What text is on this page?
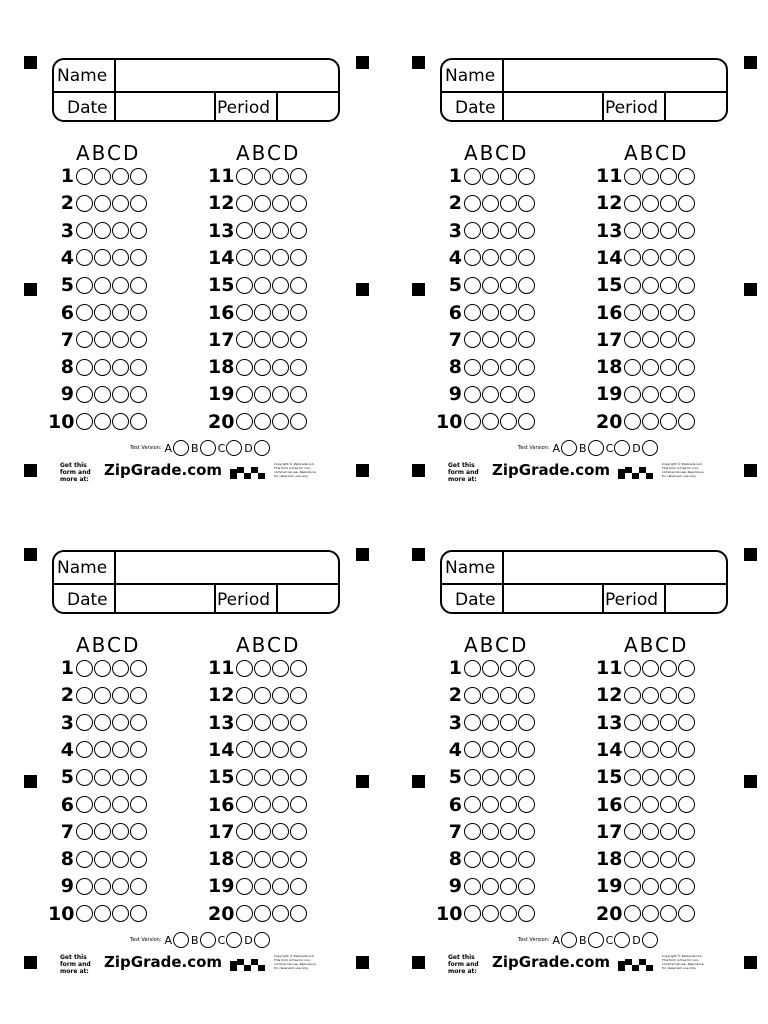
Name
Date	Period
ABCD	ABCD
1
2
3
4
5
6
7
8
9
10
11
12
13
14
15
16
17
18
19
20
Test Version: A B C D
Get this form and more at:
ZipGrade.com	Copyright © ZipGrade LLC. This form is free for non-commercial use. Reproduce for classroom use only.
Name
Date	Period
ABCD	ABCD
1
2
3
4
5
6
7
8
9
10
11
12
13
14
15
16
17
18
19
20
Test Version: A B C D
Get this form and more at:
ZipGrade.com	Copyright © ZipGrade LLC. This form is free for non-commercial use. Reproduce for classroom use only.
Name
Date	Period
ABCD	ABCD
1
2
3
4
5
6
7
8
9
10
11
12
13
14
15
16
17
18
19
20
Test Version: A B C D
Get this form and more at:
ZipGrade.com	Copyright © ZipGrade LLC. This form is free for non-commercial use. Reproduce for classroom use only.
Name
Date	Period
ABCD	ABCD
1
2
3
4
5
6
7
8
9
10
11
12
13
14
15
16
17
18
19
20
Test Version: A B C D
Get this form and more at:
ZipGrade.com	Copyright © ZipGrade LLC. This form is free for non-commercial use. Reproduce for classroom use only.
